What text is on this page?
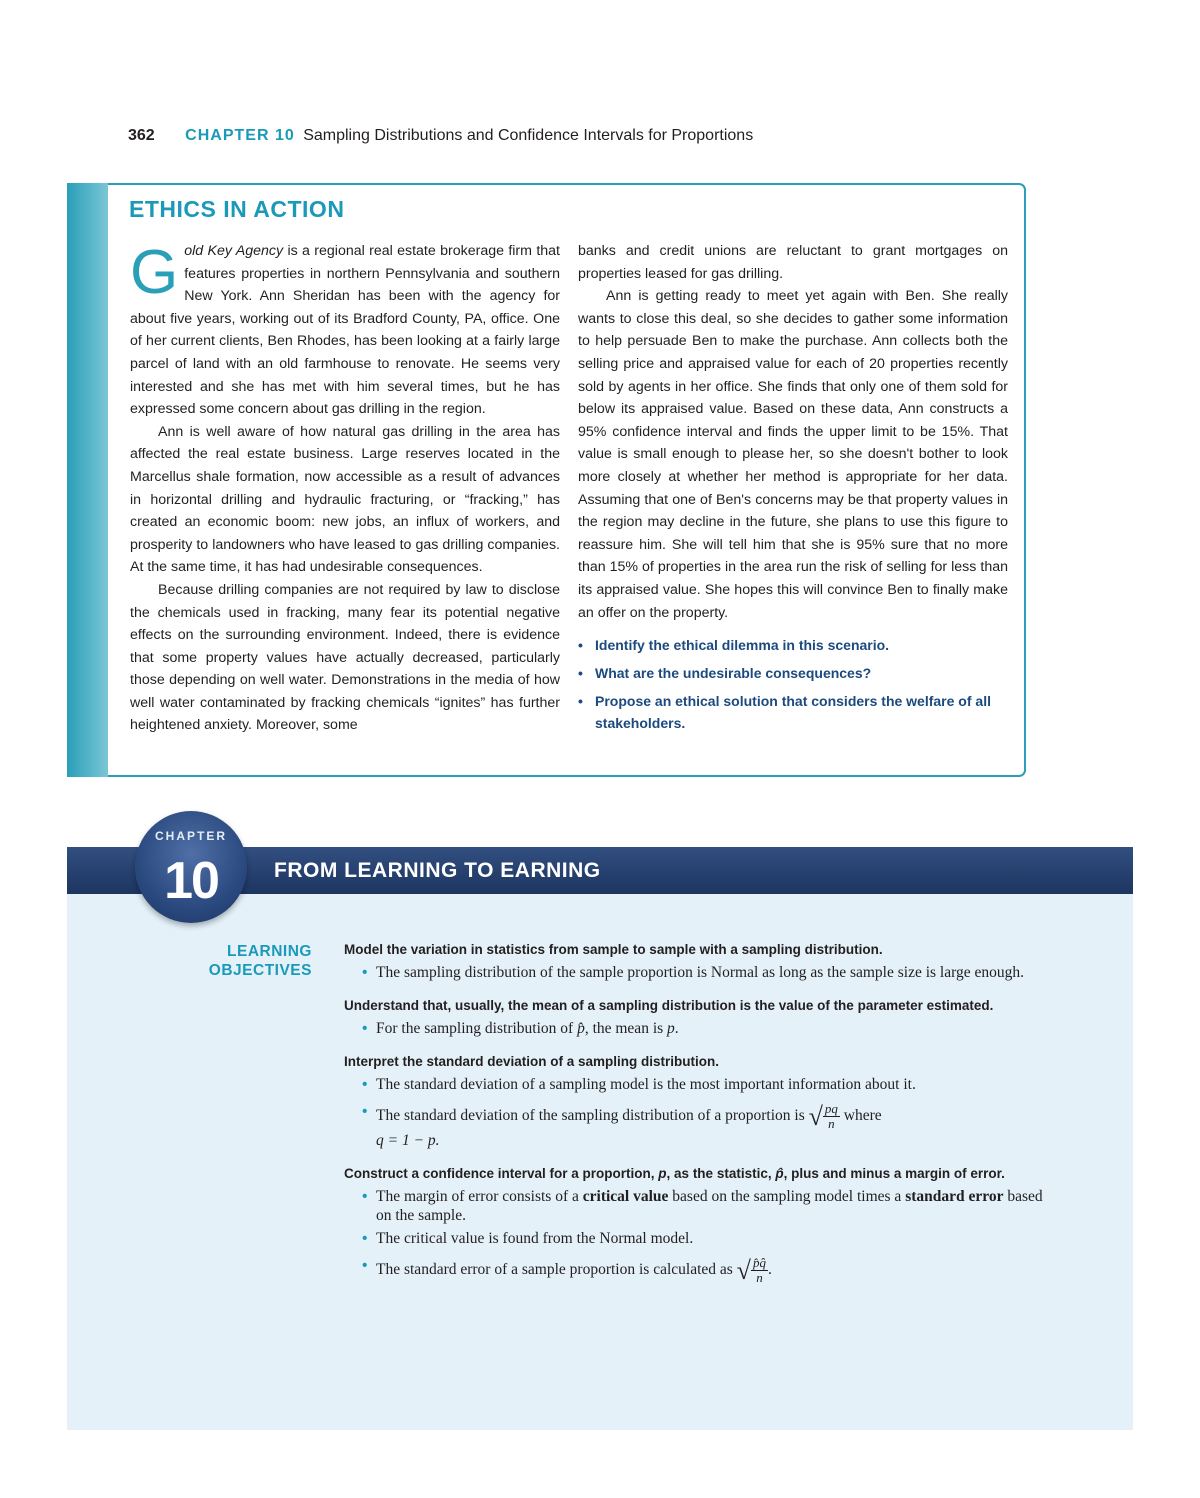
362 CHAPTER 10 Sampling Distributions and Confidence Intervals for Proportions
ETHICS IN ACTION

Gold Key Agency is a regional real estate brokerage firm that features properties in northern Pennsylvania and southern New York. Ann Sheridan has been with the agency for about five years, working out of its Bradford County, PA, office. One of her current clients, Ben Rhodes, has been looking at a fairly large parcel of land with an old farmhouse to renovate. He seems very interested and she has met with him several times, but he has expressed some concern about gas drilling in the region.

Ann is well aware of how natural gas drilling in the area has affected the real estate business. Large reserves located in the Marcellus shale formation, now accessible as a result of advances in horizontal drilling and hydraulic fracturing, or “fracking,” has created an economic boom: new jobs, an influx of workers, and prosperity to landowners who have leased to gas drilling companies. At the same time, it has had undesirable consequences.

Because drilling companies are not required by law to disclose the chemicals used in fracking, many fear its potential negative effects on the surrounding environment. Indeed, there is evidence that some property values have actually decreased, particularly those depending on well water. Demonstrations in the media of how well water contaminated by fracking chemicals “ignites” has further heightened anxiety. Moreover, some

banks and credit unions are reluctant to grant mortgages on properties leased for gas drilling.

Ann is getting ready to meet yet again with Ben. She really wants to close this deal, so she decides to gather some information to help persuade Ben to make the purchase. Ann collects both the selling price and appraised value for each of 20 properties recently sold by agents in her office. She finds that only one of them sold for below its appraised value. Based on these data, Ann constructs a 95% confidence interval and finds the upper limit to be 15%. That value is small enough to please her, so she doesn't bother to look more closely at whether her method is appropriate for her data. Assuming that one of Ben's concerns may be that property values in the region may decline in the future, she plans to use this figure to reassure him. She will tell him that she is 95% sure that no more than 15% of properties in the area run the risk of selling for less than its appraised value. She hopes this will convince Ben to finally make an offer on the property.

• Identify the ethical dilemma in this scenario.
• What are the undesirable consequences?
• Propose an ethical solution that considers the welfare of all stakeholders.
FROM LEARNING TO EARNING
CHAPTER
10
LEARNING
OBJECTIVES

Model the variation in statistics from sample to sample with a sampling distribution.

• The sampling distribution of the sample proportion is Normal as long as the sample size is large enough.

Understand that, usually, the mean of a sampling distribution is the value of the parameter estimated.

• For the sampling distribution of p̂, the mean is p.

Interpret the standard deviation of a sampling distribution.

• The standard deviation of a sampling model is the most important information about it.
• The standard deviation of the sampling distribution of a proportion is √ $\frac{pq}{n}$ where
q = 1 − p.

Construct a confidence interval for a proportion, p, as the statistic, p̂, plus and minus a margin of error.

• The margin of error consists of a critical value based on the sampling model times a standard error based on the sample.
• The critical value is found from the Normal model.
• The standard error of a sample proportion is calculated as √ $\frac{p̂q̂}{n}$ .
